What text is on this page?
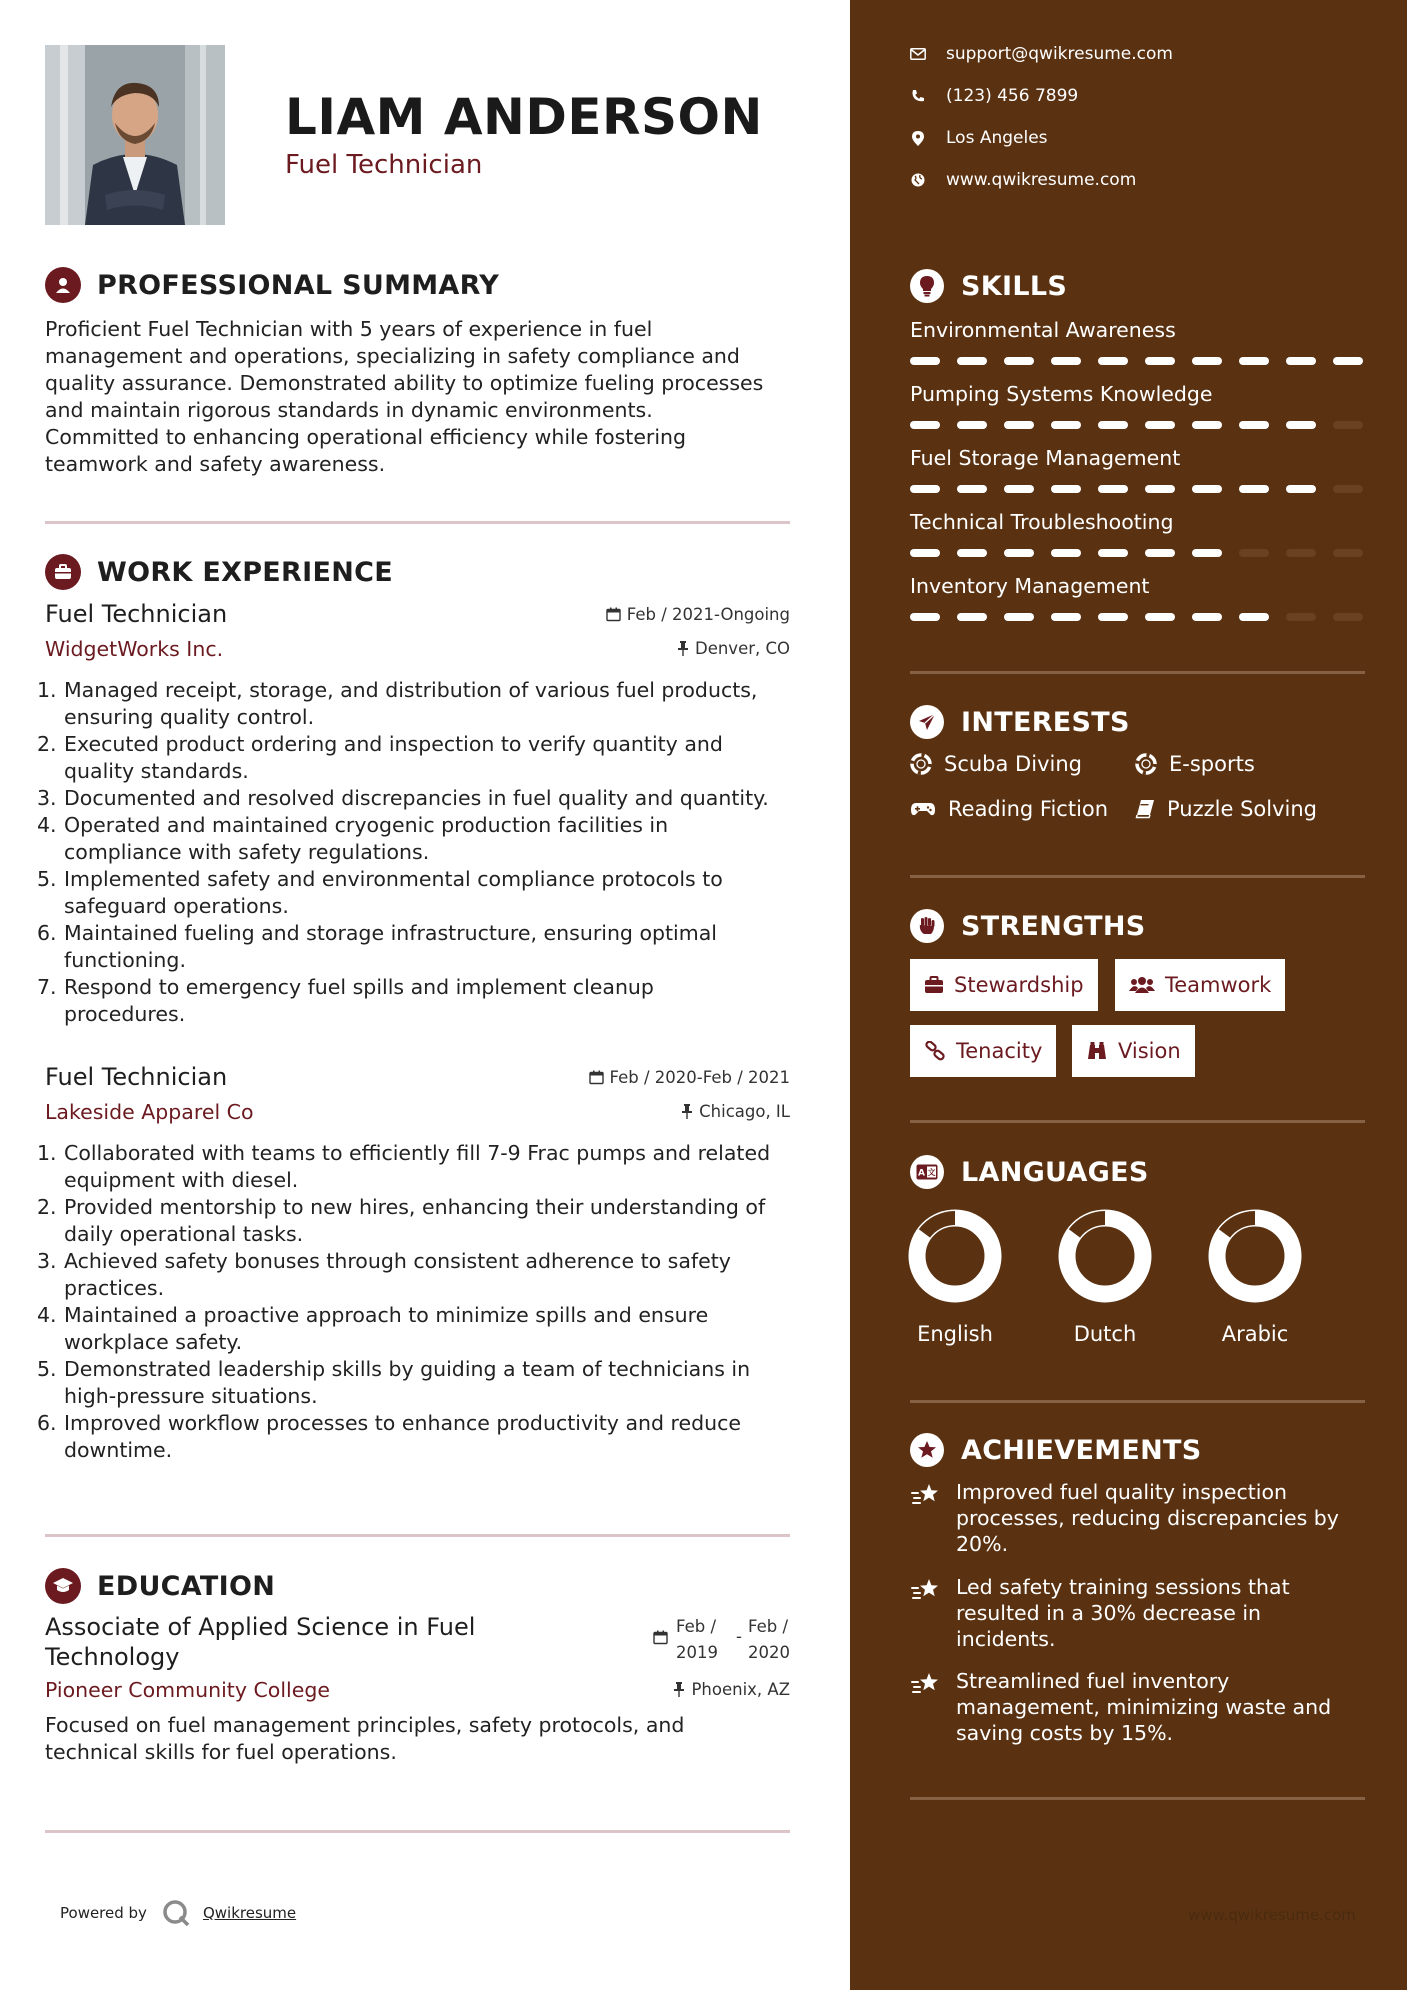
LIAM ANDERSON
Fuel Technician
PROFESSIONAL SUMMARY
Proficient Fuel Technician with 5 years of experience in fuel
management and operations, specializing in safety compliance and
quality assurance. Demonstrated ability to optimize fueling processes
and maintain rigorous standards in dynamic environments.
Committed to enhancing operational efficiency while fostering
teamwork and safety awareness.
WORK EXPERIENCE
Fuel Technician	Feb / 2021-Ongoing
WidgetWorks Inc.	Denver, CO
1. Managed receipt, storage, and distribution of various fuel products,
ensuring quality control.
2. Executed product ordering and inspection to verify quantity and
quality standards.
3. Documented and resolved discrepancies in fuel quality and quantity.
4. Operated and maintained cryogenic production facilities in
compliance with safety regulations.
5. Implemented safety and environmental compliance protocols to
safeguard operations.
6. Maintained fueling and storage infrastructure, ensuring optimal
functioning.
7. Respond to emergency fuel spills and implement cleanup
procedures.
Fuel Technician	Feb / 2020-Feb / 2021
Lakeside Apparel Co	Chicago, IL
1. Collaborated with teams to efficiently fill 7-9 Frac pumps and related
equipment with diesel.
2. Provided mentorship to new hires, enhancing their understanding of
daily operational tasks.
3. Achieved safety bonuses through consistent adherence to safety
practices.
4. Maintained a proactive approach to minimize spills and ensure
workplace safety.
5. Demonstrated leadership skills by guiding a team of technicians in
high-pressure situations.
6. Improved workflow processes to enhance productivity and reduce
downtime.
EDUCATION
Associate of Applied Science in Fuel
Technology
Feb /
2019
-
Feb /
2020
Pioneer Community College	Phoenix, AZ
Focused on fuel management principles, safety protocols, and
technical skills for fuel operations.
Powered by	Qwikresume
support@qwikresume.com
(123) 456 7899
Los Angeles
www.qwikresume.com
SKILLS
Environmental Awareness
Pumping Systems Knowledge
Fuel Storage Management
Technical Troubleshooting
Inventory Management
INTERESTS
Scuba Diving	E-sports
Reading Fiction	Puzzle Solving
STRENGTHS
Stewardship	Teamwork
Tenacity	Vision
A 文 LANGUAGES
English	Dutch	Arabic
ACHIEVEMENTS
Improved fuel quality inspection
processes, reducing discrepancies by
20%.
Led safety training sessions that
resulted in a 30% decrease in
incidents.
Streamlined fuel inventory
management, minimizing waste and
saving costs by 15%.
www.qwikresume.com
